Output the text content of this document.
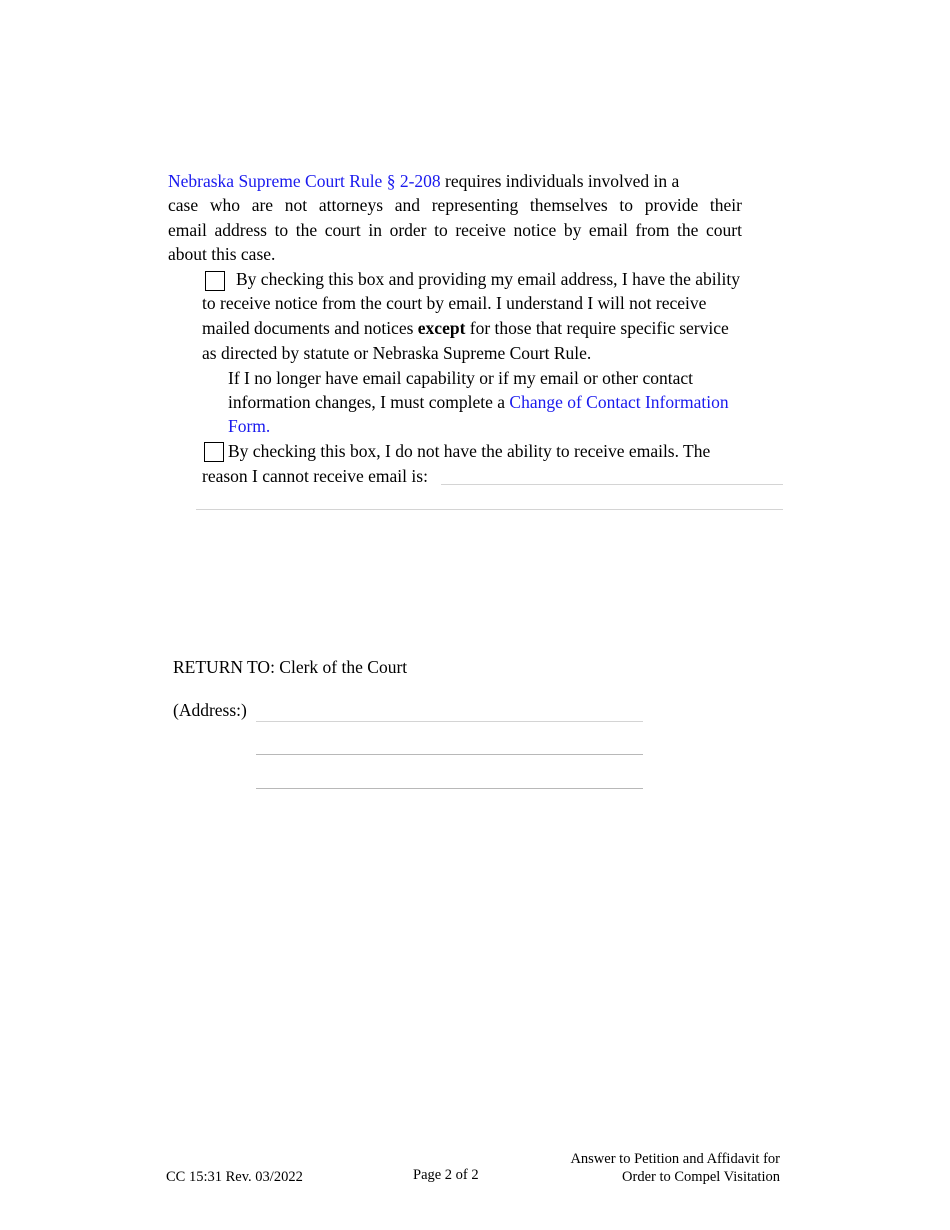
Nebraska Supreme Court Rule § 2-208 requires individuals involved in a
case who are not attorneys and representing themselves to provide their
email address to the court in order to receive notice by email from the court
about this case.
By checking this box and providing my email address, I have the ability
to receive notice from the court by email. I understand I will not receive
mailed documents and notices except for those that require specific service
as directed by statute or Nebraska Supreme Court Rule.
If I no longer have email capability or if my email or other contact
information changes, I must complete a Change of Contact Information
Form.
By checking this box, I do not have the ability to receive emails. The
reason I cannot receive email is:
RETURN TO: Clerk of the Court
(Address:)
CC 15:31 Rev. 03/2022	Page 2 of 2
Answer to Petition and Affidavit for
Order to Compel Visitation
